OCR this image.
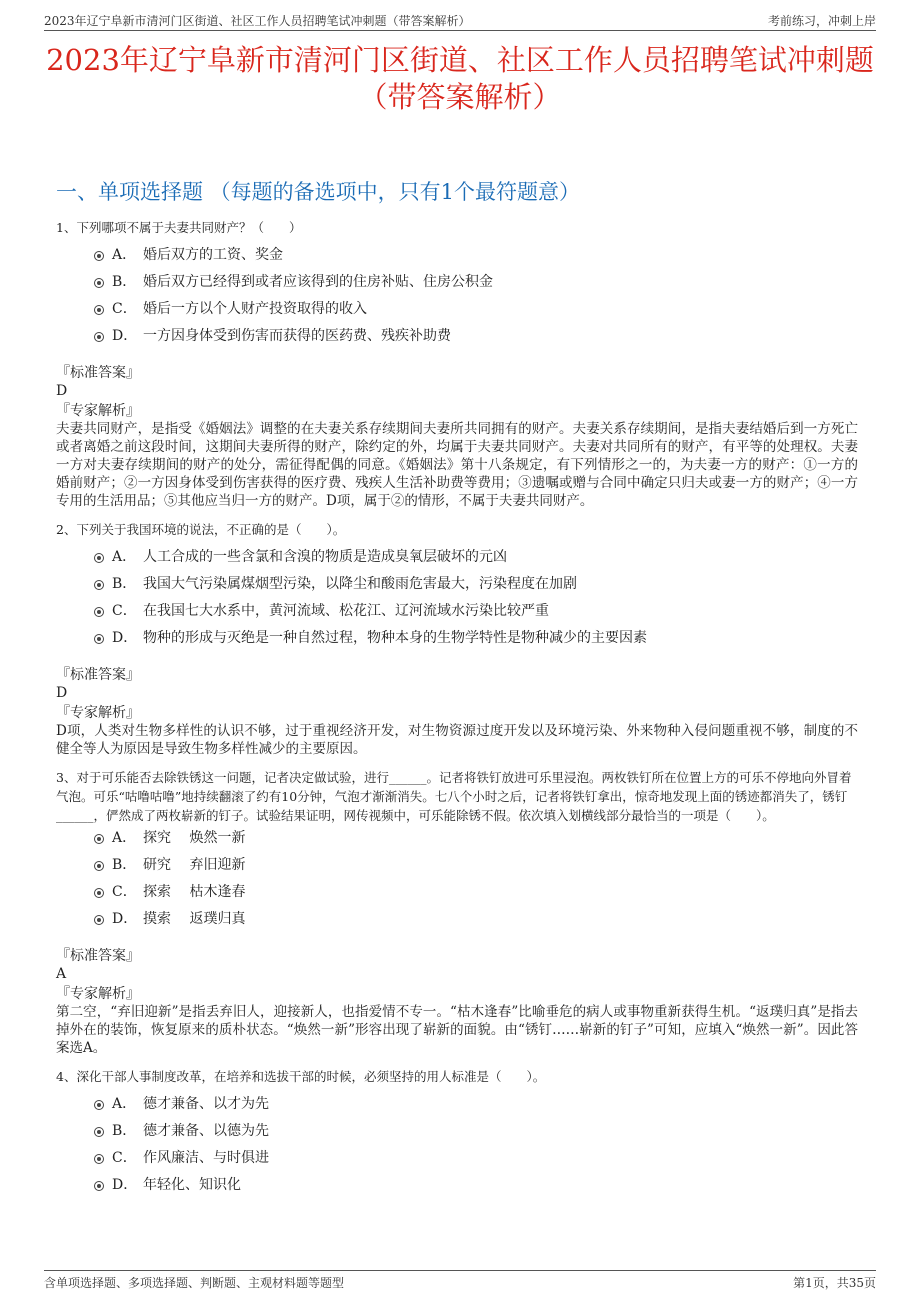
2023年辽宁阜新市清河门区街道、社区工作人员招聘笔试冲刺题（带答案解析）	考前练习，冲刺上岸
2023年辽宁阜新市清河门区街道、社区工作人员招聘笔试冲刺题（带答案解析）
一、单项选择题 （每题的备选项中，只有1个最符题意）
1、下列哪项不属于夫妻共同财产？（　　）
A． 婚后双方的工资、奖金
B． 婚后双方已经得到或者应该得到的住房补贴、住房公积金
C． 婚后一方以个人财产投资取得的收入
D． 一方因身体受到伤害而获得的医药费、残疾补助费
『标准答案』
D
『专家解析』
夫妻共同财产，是指受《婚姻法》调整的在夫妻关系存续期间夫妻所共同拥有的财产。夫妻关系存续期间，是指夫妻结婚后到一方死亡或者离婚之前这段时间，这期间夫妻所得的财产，除约定的外，均属于夫妻共同财产。夫妻对共同所有的财产，有平等的处理权。夫妻一方对夫妻存续期间的财产的处分，需征得配偶的同意。《婚姻法》第十八条规定，有下列情形之一的，为夫妻一方的财产：①一方的婚前财产；②一方因身体受到伤害获得的医疗费、残疾人生活补助费等费用；③遗嘱或赠与合同中确定只归夫或妻一方的财产；④一方专用的生活用品；⑤其他应当归一方的财产。D项，属于②的情形，不属于夫妻共同财产。
2、下列关于我国环境的说法，不正确的是（　　）。
A． 人工合成的一些含氯和含溴的物质是造成臭氧层破坏的元凶
B． 我国大气污染属煤烟型污染，以降尘和酸雨危害最大，污染程度在加剧
C． 在我国七大水系中，黄河流域、松花江、辽河流域水污染比较严重
D． 物种的形成与灭绝是一种自然过程，物种本身的生物学特性是物种减少的主要因素
『标准答案』
D
『专家解析』
D项，人类对生物多样性的认识不够，过于重视经济开发，对生物资源过度开发以及环境污染、外来物种入侵问题重视不够，制度的不健全等人为原因是导致生物多样性减少的主要原因。
3、对于可乐能否去除铁锈这一问题，记者决定做试验，进行______。记者将铁钉放进可乐里浸泡。两枚铁钉所在位置上方的可乐不停地向外冒着气泡。可乐“咕噜咕噜”地持续翻滚了约有10分钟，气泡才渐渐消失。七八个小时之后，记者将铁钉拿出，惊奇地发现上面的锈迹都消失了，锈钉______，俨然成了两枚崭新的钉子。试验结果证明，网传视频中，可乐能除锈不假。依次填入划横线部分最恰当的一项是（　　）。
A． 探究　 焕然一新
B． 研究　 弃旧迎新
C． 探索　 枯木逢春
D． 摸索　 返璞归真
『标准答案』
A
『专家解析』
第二空，“弃旧迎新”是指丢弃旧人，迎接新人，也指爱情不专一。“枯木逢春”比喻垂危的病人或事物重新获得生机。“返璞归真”是指去掉外在的装饰，恢复原来的质朴状态。“焕然一新”形容出现了崭新的面貌。由“锈钉……崭新的钉子”可知，应填入“焕然一新”。因此答案选A。
4、深化干部人事制度改革，在培养和选拔干部的时候，必须坚持的用人标准是（　　）。
A． 德才兼备、以才为先
B． 德才兼备、以德为先
C． 作风廉洁、与时俱进
D． 年轻化、知识化
含单项选择题、多项选择题、判断题、主观材料题等题型	第1页，共35页
